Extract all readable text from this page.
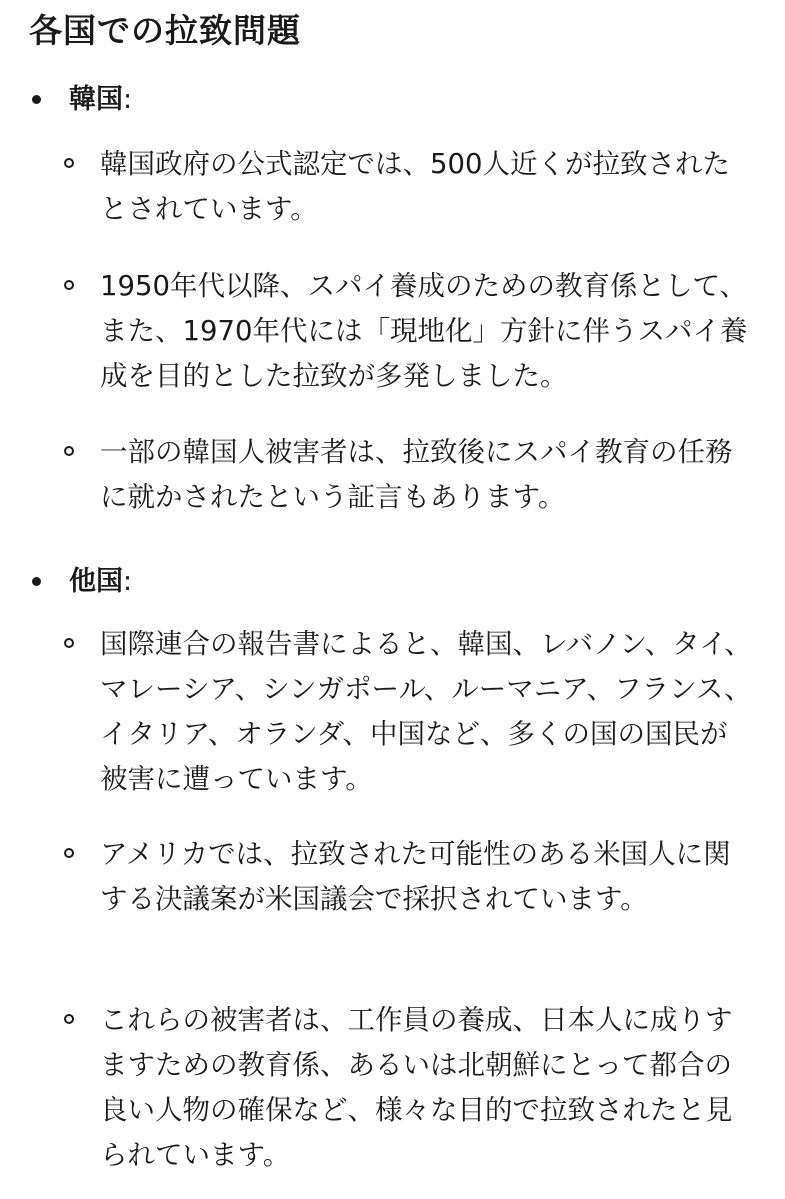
各国での拉致問題
韓国:

韓国政府の公式認定では、500人近くが拉致されたとされています。

1950年代以降、スパイ養成のための教育係として、また、1970年代には「現地化」方針に伴うスパイ養成を目的とした拉致が多発しました。

一部の韓国人被害者は、拉致後にスパイ教育の任務に就かされたという証言もあります。

他国:

国際連合の報告書によると、韓国、レバノン、タイ、マレーシア、シンガポール、ルーマニア、フランス、イタリア、オランダ、中国など、多くの国の国民が被害に遭っています。

アメリカでは、拉致された可能性のある米国人に関する決議案が米国議会で採択されています。

これらの被害者は、工作員の養成、日本人に成りすますための教育係、あるいは北朝鮮にとって都合の良い人物の確保など、様々な目的で拉致されたと見られています。
